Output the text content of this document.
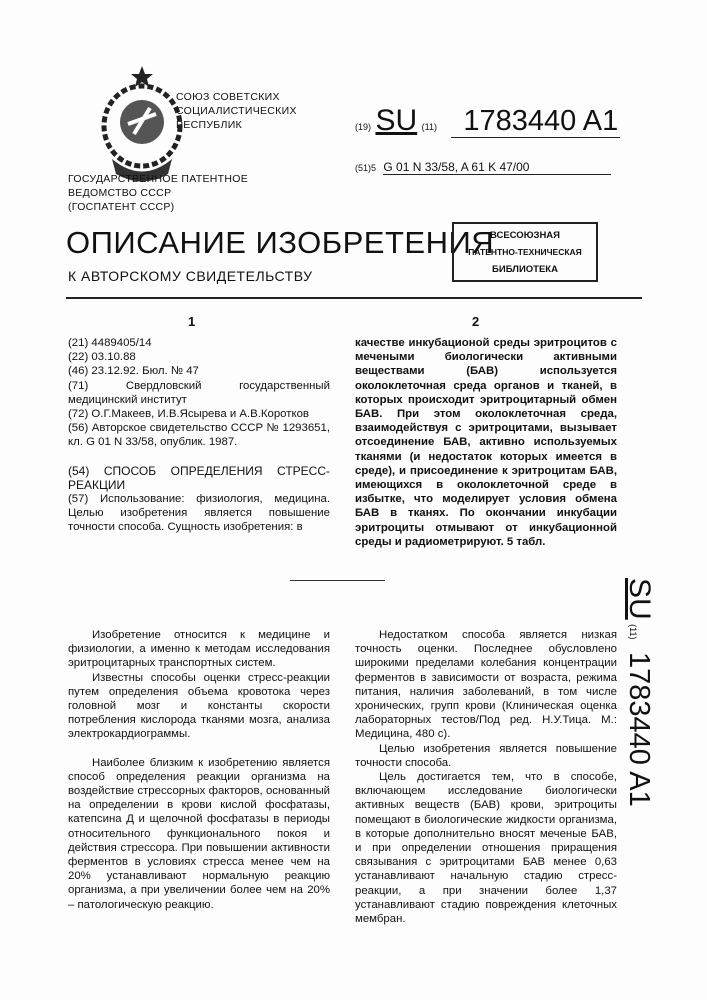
СОЮЗ СОВЕТСКИХ
СОЦИАЛИСТИЧЕСКИХ
РЕСПУБЛИК	(19) SU (11) 1783440 A1
(51)5 G 01 N 33/58, A 61 K 47/00
ГОСУДАРСТВЕННОЕ ПАТЕНТНОЕ
ВЕДОМСТВО СССР
(ГОСПАТЕНТ СССР)
ОПИСАНИЕ ИЗОБРЕТЕНИЯ
К АВТОРСКОМУ СВИДЕТЕЛЬСТВУ
ВСЕСОЮЗНАЯ
ПАТЕНТНО-ТЕХНИЧЕСКАЯ
БИБЛИОТЕКА
1	2

(21) 4489405/14

(22) 03.10.88

(46) 23.12.92. Бюл. № 47

(71) Свердловский государственный медицинский институт

(72) О.Г.Макеев, И.В.Ясырева и А.В.Коротков

(56) Авторское свидетельство СССР № 1293651, кл. G 01 N 33/58, опублик. 1987.

(54) СПОСОБ ОПРЕДЕЛЕНИЯ СТРЕСС-РЕАКЦИИ

(57) Использование: физиология, медицина. Целью изобретения является повышение точности способа. Сущность изобретения: в

качестве инкубационой среды эритроцитов с мечеными биологически активными веществами (БАВ) используется околоклеточная среда органов и тканей, в которых происходит эритроцитарный обмен БАВ. При этом околоклеточная среда, взаимодействуя с эритроцитами, вызывает отсоединение БАВ, активно используемых тканями (и недостаток которых имеется в среде), и присоединение к эритроцитам БАВ, имеющихся в околоклеточной среде в избытке, что моделирует условия обмена БАВ в тканях. По окончании инкубации эритроциты отмывают от инкубационной среды и радиометрируют. 5 табл.

Изобретение относится к медицине и физиологии, а именно к методам исследования эритроцитарных транспортных систем.

Известны способы оценки стресс-реакции путем определения объема кровотока через головной мозг и константы скорости потребления кислорода тканями мозга, анализа электрокардиограммы.

Наиболее близким к изобретению является способ определения реакции организма на воздействие стрессорных факторов, основанный на определении в крови кислой фосфатазы, катепсина Д и щелочной фосфатазы в периоды относительного функционального покоя и действия стрессора. При повышении активности ферментов в условиях стресса менее чем на 20% устанавливают нормальную реакцию организма, а при увеличении более чем на 20% – патологическую реакцию.

Недостатком способа является низкая точность оценки. Последнее обусловлено широкими пределами колебания концентрации ферментов в зависимости от возраста, режима питания, наличия заболеваний, в том числе хронических, групп крови (Клиническая оценка лабораторных тестов/Под ред. Н.У.Тица. М.: Медицина, 480 с).

Целью изобретения является повышение точности способа.

Цель достигается тем, что в способе, включающем исследование биологически активных веществ (БАВ) крови, эритроциты помещают в биологические жидкости организма, в которые дополнительно вносят меченые БАВ, и при определении отношения приращения связывания с эритроцитами БАВ менее 0,63 устанавливают начальную стадию стресс-реакции, а при значении более 1,37 устанавливают стадию повреждения клеточных мембран.

SU (11) 1783440 A1
